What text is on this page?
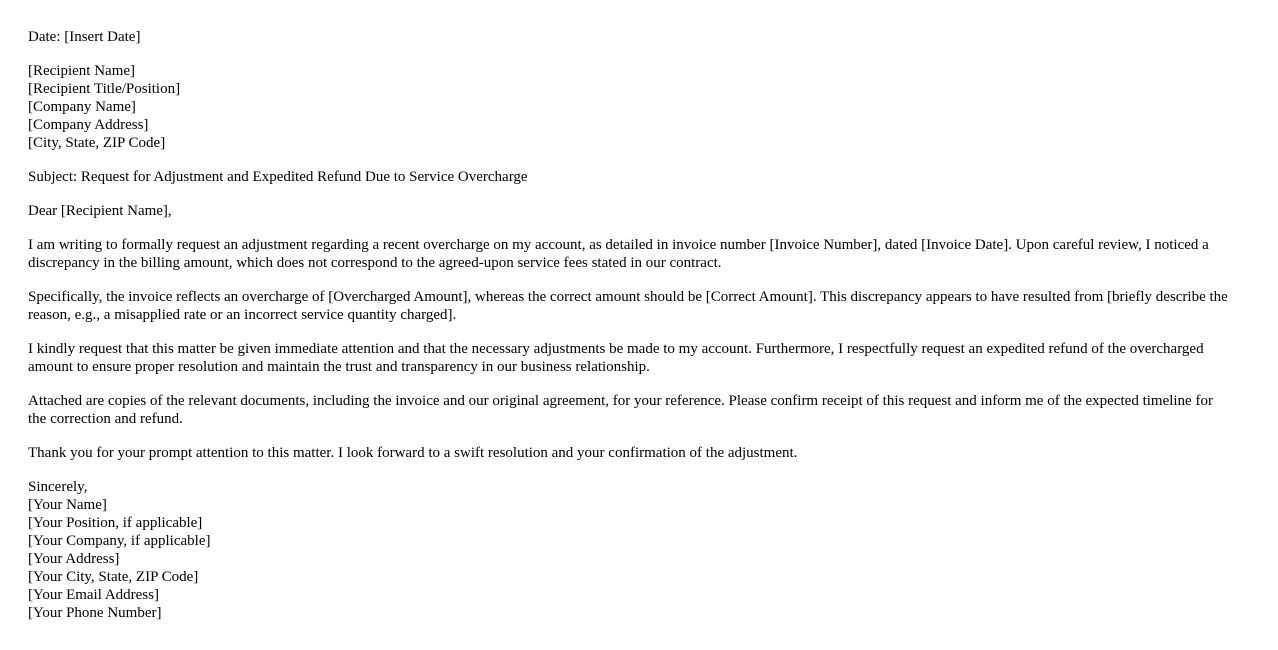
Date: [Insert Date]
[Recipient Name]
[Recipient Title/Position]
[Company Name]
[Company Address]
[City, State, ZIP Code]
Subject: Request for Adjustment and Expedited Refund Due to Service Overcharge
Dear [Recipient Name],

I am writing to formally request an adjustment regarding a recent overcharge on my account, as detailed in invoice number [Invoice Number], dated [Invoice Date]. Upon careful review, I noticed a discrepancy in the billing amount, which does not correspond to the agreed-upon service fees stated in our contract.

Specifically, the invoice reflects an overcharge of [Overcharged Amount], whereas the correct amount should be [Correct Amount]. This discrepancy appears to have resulted from [briefly describe the reason, e.g., a misapplied rate or an incorrect service quantity charged].

I kindly request that this matter be given immediate attention and that the necessary adjustments be made to my account. Furthermore, I respectfully request an expedited refund of the overcharged amount to ensure proper resolution and maintain the trust and transparency in our business relationship.

Attached are copies of the relevant documents, including the invoice and our original agreement, for your reference. Please confirm receipt of this request and inform me of the expected timeline for the correction and refund.

Thank you for your prompt attention to this matter. I look forward to a swift resolution and your confirmation of the adjustment.

Sincerely,
[Your Name]
[Your Position, if applicable]
[Your Company, if applicable]
[Your Address]
[Your City, State, ZIP Code]
[Your Email Address]
[Your Phone Number]
